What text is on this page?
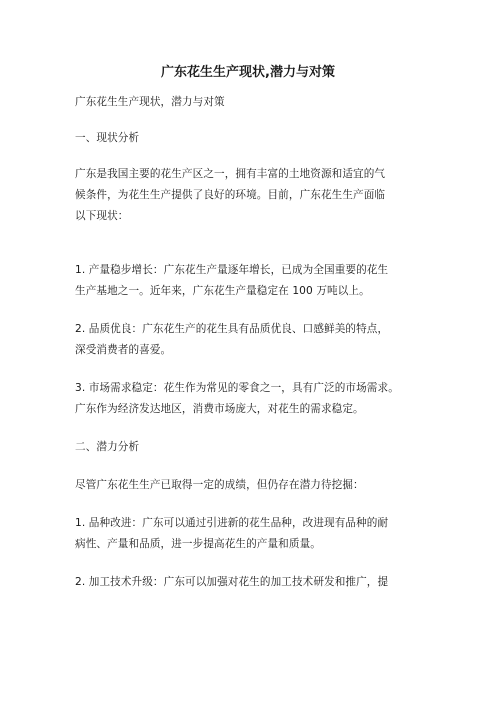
广东花生生产现状,潜力与对策
广东花生生产现状，潜力与对策
一、现状分析
广东是我国主要的花生产区之一，拥有丰富的土地资源和适宜的气
候条件，为花生生产提供了良好的环境。目前，广东花生生产面临
以下现状：
1. 产量稳步增长：广东花生产量逐年增长，已成为全国重要的花生
生产基地之一。近年来，广东花生产量稳定在 100 万吨以上。
2. 品质优良：广东花生产的花生具有品质优良、口感鲜美的特点，
深受消费者的喜爱。
3. 市场需求稳定：花生作为常见的零食之一，具有广泛的市场需求。
广东作为经济发达地区，消费市场庞大，对花生的需求稳定。
二、潜力分析
尽管广东花生生产已取得一定的成绩，但仍存在潜力待挖掘：
1. 品种改进：广东可以通过引进新的花生品种，改进现有品种的耐
病性、产量和品质，进一步提高花生的产量和质量。
2. 加工技术升级：广东可以加强对花生的加工技术研发和推广，提
